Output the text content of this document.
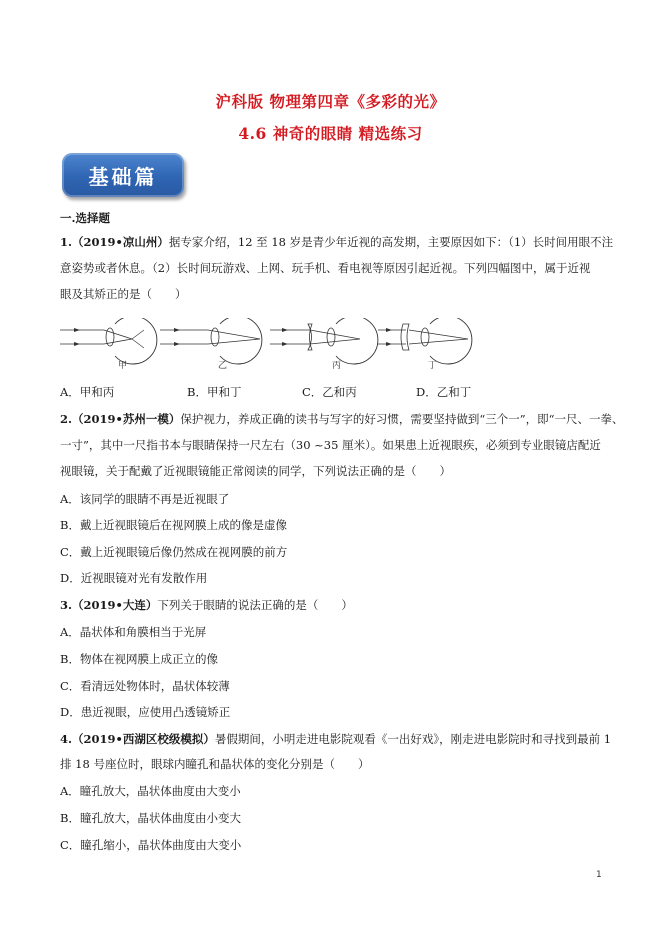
沪科版 物理第四章《多彩的光》
4.6 神奇的眼睛 精选练习
基础篇
一.选择题
1.（2019•凉山州）据专家介绍，12 至 18 岁是青少年近视的高发期，主要原因如下：（1）长时间用眼不注
意姿势或者休息。（2）长时间玩游戏、上网、玩手机、看电视等原因引起近视。下列四幅图中，属于近视
眼及其矫正的是（　　）
甲	乙	丙	丁
A．甲和丙	B．甲和丁	C．乙和丙	D．乙和丁
2.（2019•苏州一模）保护视力，养成正确的读书与写字的好习惯，需要坚持做到“三个一”，即“一尺、一拳、
一寸”，其中一尺指书本与眼睛保持一尺左右（30 ~35 厘米）。如果患上近视眼疾，必须到专业眼镜店配近
视眼镜，关于配戴了近视眼镜能正常阅读的同学，下列说法正确的是（　　）
A．该同学的眼睛不再是近视眼了
B．戴上近视眼镜后在视网膜上成的像是虚像
C．戴上近视眼镜后像仍然成在视网膜的前方
D．近视眼镜对光有发散作用
3.（2019•大连）下列关于眼睛的说法正确的是（　　）
A．晶状体和角膜相当于光屏
B．物体在视网膜上成正立的像
C．看清远处物体时，晶状体较薄
D．患近视眼，应使用凸透镜矫正
4.（2019•西湖区校级模拟）暑假期间，小明走进电影院观看《一出好戏》，刚走进电影院时和寻找到最前 1
排 18 号座位时，眼球内瞳孔和晶状体的变化分别是（　　）
A．瞳孔放大，晶状体曲度由大变小
B．瞳孔放大，晶状体曲度由小变大
C．瞳孔缩小，晶状体曲度由大变小
1
